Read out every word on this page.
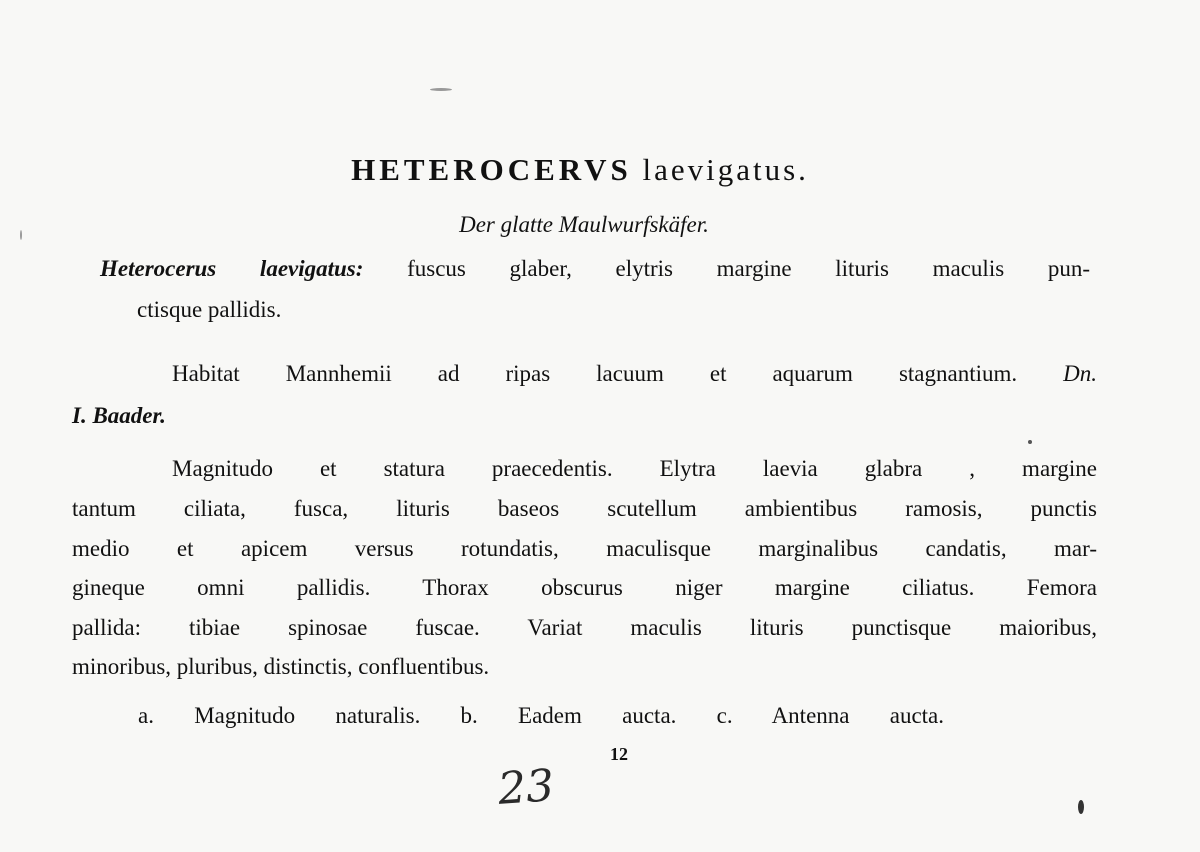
HETEROCERVS laevigatus.
Der glatte Maulwurfskäfer.
Heterocerus laevigatus: fuscus glaber, elytris margine lituris maculis pun-
ctisque pallidis.
Habitat Mannhemii ad ripas lacuum et aquarum stagnantium. Dn.
I. Baader.
Magnitudo et statura praecedentis. Elytra laevia glabra , margine
tantum ciliata, fusca, lituris baseos scutellum ambientibus ramosis, punctis
medio et apicem versus rotundatis, maculisque marginalibus candatis, mar-
gineque omni pallidis. Thorax obscurus niger margine ciliatus. Femora
pallida: tibiae spinosae fuscae. Variat maculis lituris punctisque maioribus,
minoribus, pluribus, distinctis, confluentibus.
a. Magnitudo naturalis. b. Eadem aucta. c. Antenna aucta.
12
23
